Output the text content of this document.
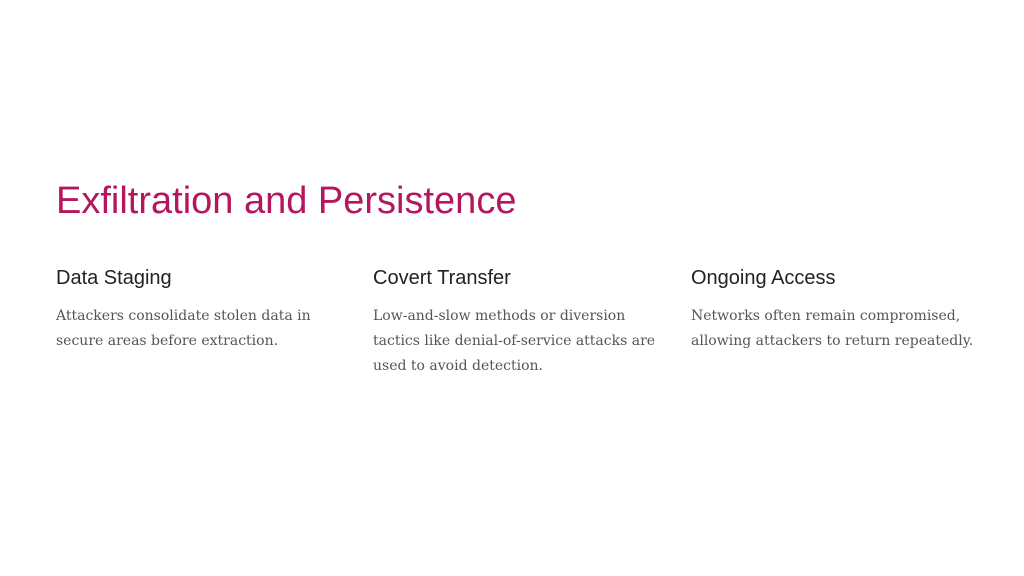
Exfiltration and Persistence
Data Staging

Attackers consolidate stolen data in secure areas before extraction.

Covert Transfer

Low-and-slow methods or diversion tactics like denial-of-service attacks are used to avoid detection.

Ongoing Access

Networks often remain compromised, allowing attackers to return repeatedly.
